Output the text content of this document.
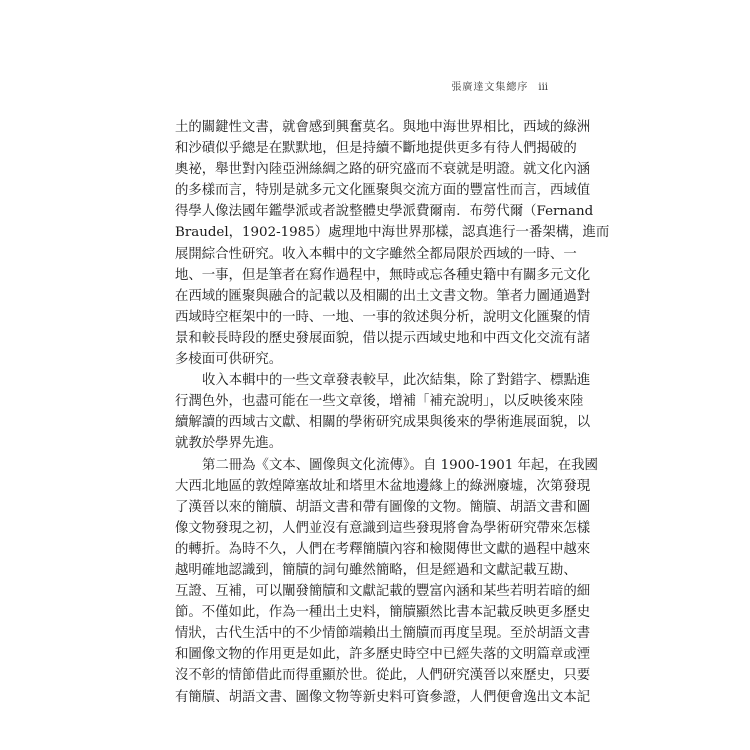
張廣達文集總序 iii
土的關鍵性文書，就會感到興奮莫名。與地中海世界相比，西域的綠洲
和沙磧似乎總是在默默地，但是持續不斷地提供更多有待人們揭破的
奧祕，舉世對內陸亞洲絲綢之路的研究盛而不衰就是明證。就文化內涵
的多樣而言，特別是就多元文化匯聚與交流方面的豐富性而言，西域值
得學人像法國年鑑學派或者說整體史學派費爾南．布勞代爾（Fernand
Braudel，1902-1985）處理地中海世界那樣，認真進行一番架構，進而
展開綜合性研究。收入本輯中的文字雖然全都局限於西域的一時、一
地、一事，但是筆者在寫作過程中，無時或忘各種史籍中有關多元文化
在西域的匯聚與融合的記載以及相關的出土文書文物。筆者力圖通過對
西域時空框架中的一時、一地、一事的敘述與分析，說明文化匯聚的情
景和較長時段的歷史發展面貌，借以提示西域史地和中西文化交流有諸
多棱面可供研究。
收入本輯中的一些文章發表較早，此次結集，除了對錯字、標點進
行潤色外，也盡可能在一些文章後，增補「補充說明」，以反映後來陸
續解讀的西域古文獻、相關的學術研究成果與後來的學術進展面貌，以
就教於學界先進。
第二冊為《文本、圖像與文化流傳》。自 1900-1901 年起，在我國
大西北地區的敦煌障塞故址和塔里木盆地邊緣上的綠洲廢墟，次第發現
了漢晉以來的簡牘、胡語文書和帶有圖像的文物。簡牘、胡語文書和圖
像文物發現之初，人們並沒有意識到這些發現將會為學術研究帶來怎樣
的轉折。為時不久，人們在考釋簡牘內容和檢閱傳世文獻的過程中越來
越明確地認識到，簡牘的詞句雖然簡略，但是經過和文獻記載互勘、
互證、互補，可以闡發簡牘和文獻記載的豐富內涵和某些若明若暗的細
節。不僅如此，作為一種出土史料，簡牘顯然比書本記載反映更多歷史
情狀，古代生活中的不少情節端賴出土簡牘而再度呈現。至於胡語文書
和圖像文物的作用更是如此，許多歷史時空中已經失落的文明篇章或湮
沒不彰的情節借此而得重顯於世。從此，人們研究漢晉以來歷史，只要
有簡牘、胡語文書、圖像文物等新史料可資參證，人們便會逸出文本記
